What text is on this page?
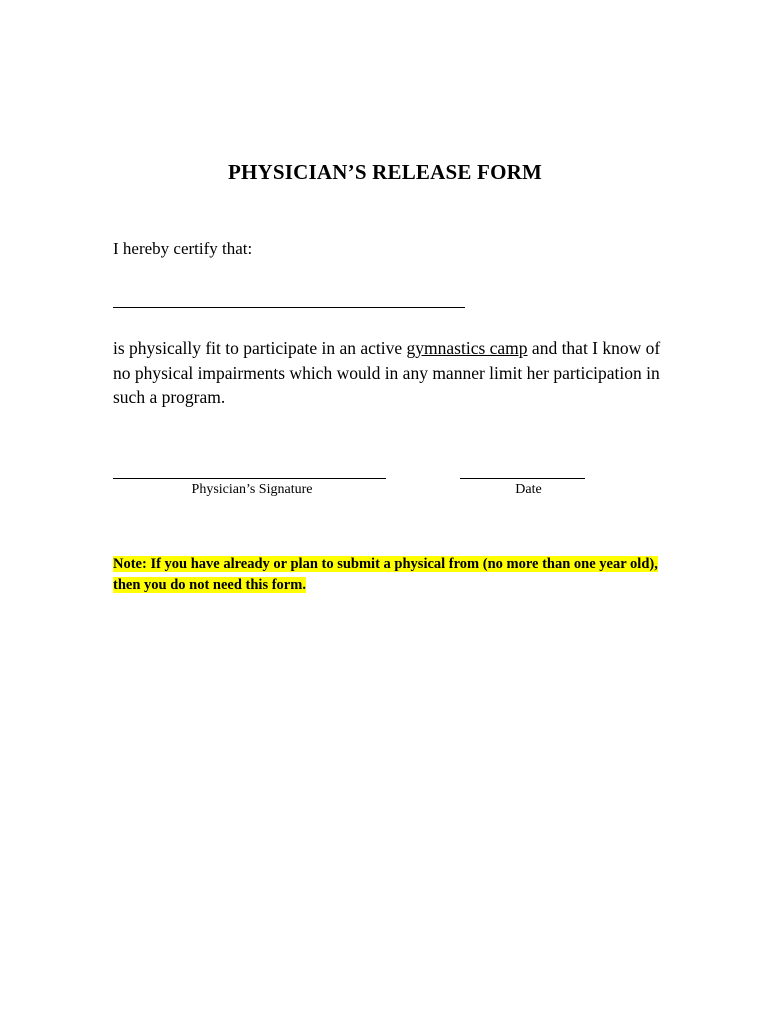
PHYSICIAN’S RELEASE FORM
I hereby certify that:
is physically fit to participate in an active gymnastics camp and that I know of no physical impairments which would in any manner limit her participation in such a program.
Physician’s Signature	Date
Note: If you have already or plan to submit a physical from (no more than one year old), then you do not need this form.
